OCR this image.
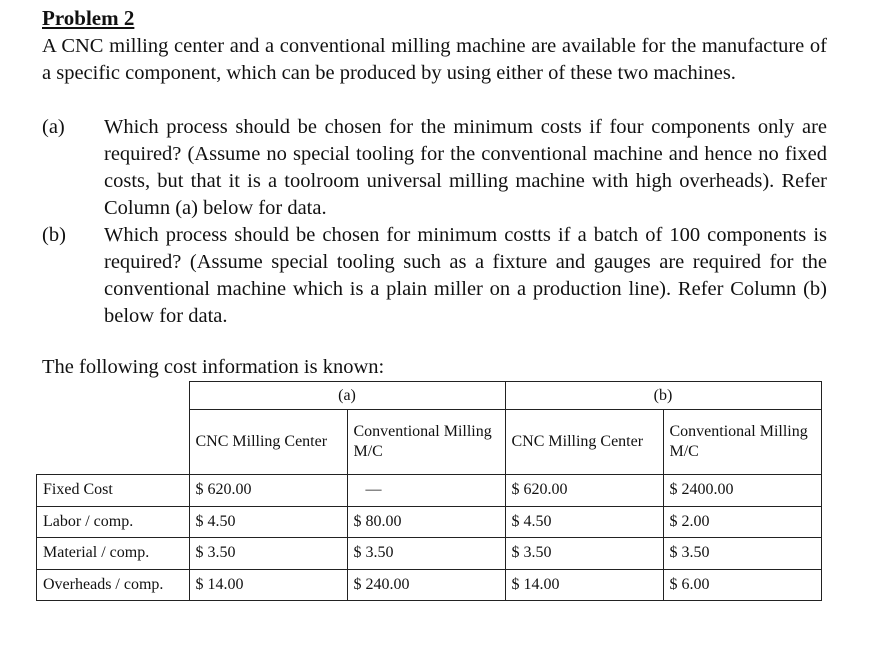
Problem 2

A CNC milling center and a conventional milling machine are available for the manufacture of a specific component, which can be produced by using either of these two machines.

(a) Which process should be chosen for the minimum costs if four components only are required? (Assume no special tooling for the conventional machine and hence no fixed costs, but that it is a toolroom universal milling machine with high overheads). Refer Column (a) below for data.
(b) Which process should be chosen for minimum costts if a batch of 100 components is required? (Assume special tooling such as a fixture and gauges are required for the conventional machine which is a plain miller on a production line). Refer Column (b) below for data.

The following cost information is known:

	(a)		(b)	
	CNC Milling Center	Conventional Milling M/C	CNC Milling Center	Conventional Milling M/C
Fixed Cost	$ 620.00	—	$ 620.00	$ 2400.00
Labor / comp.	$ 4.50	$ 80.00	$ 4.50	$ 2.00
Material / comp.	$ 3.50	$ 3.50	$ 3.50	$ 3.50
Overheads / comp.	$ 14.00	$ 240.00	$ 14.00	$ 6.00
